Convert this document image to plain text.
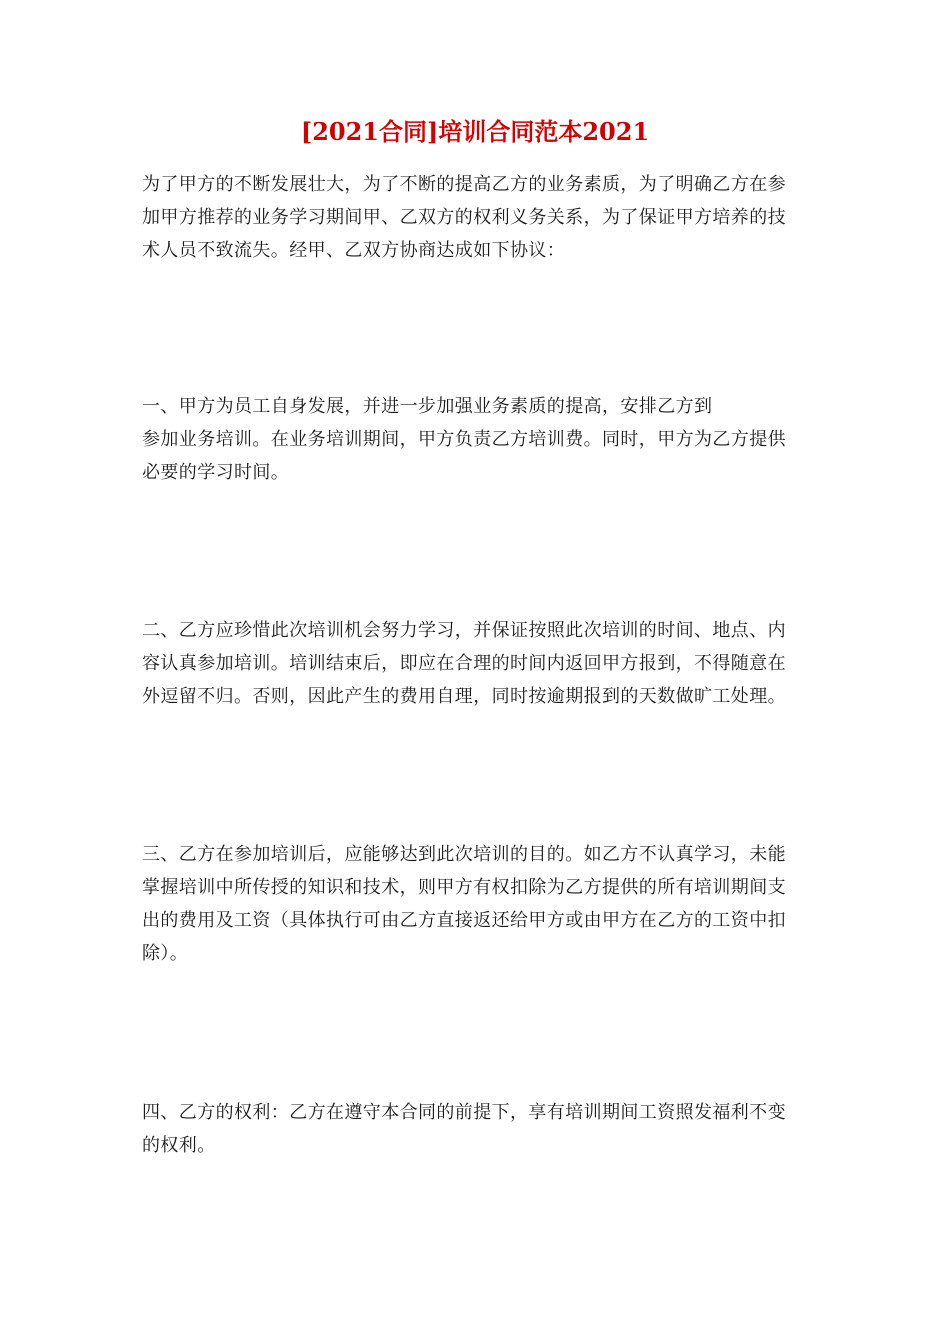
[2021合同]培训合同范本2021

为了甲方的不断发展壮大，为了不断的提高乙方的业务素质，为了明确乙方在参
加甲方推荐的业务学习期间甲、乙双方的权利义务关系，为了保证甲方培养的技
术人员不致流失。经甲、乙双方协商达成如下协议：

一、甲方为员工自身发展，并进一步加强业务素质的提高，安排乙方到
参加业务培训。在业务培训期间，甲方负责乙方培训费。同时，甲方为乙方提供
必要的学习时间。

二、乙方应珍惜此次培训机会努力学习，并保证按照此次培训的时间、地点、内
容认真参加培训。培训结束后，即应在合理的时间内返回甲方报到，不得随意在
外逗留不归。否则，因此产生的费用自理，同时按逾期报到的天数做旷工处理。

三、乙方在参加培训后，应能够达到此次培训的目的。如乙方不认真学习，未能
掌握培训中所传授的知识和技术，则甲方有权扣除为乙方提供的所有培训期间支
出的费用及工资（具体执行可由乙方直接返还给甲方或由甲方在乙方的工资中扣
除）。

四、乙方的权利：乙方在遵守本合同的前提下，享有培训期间工资照发福利不变
的权利。
